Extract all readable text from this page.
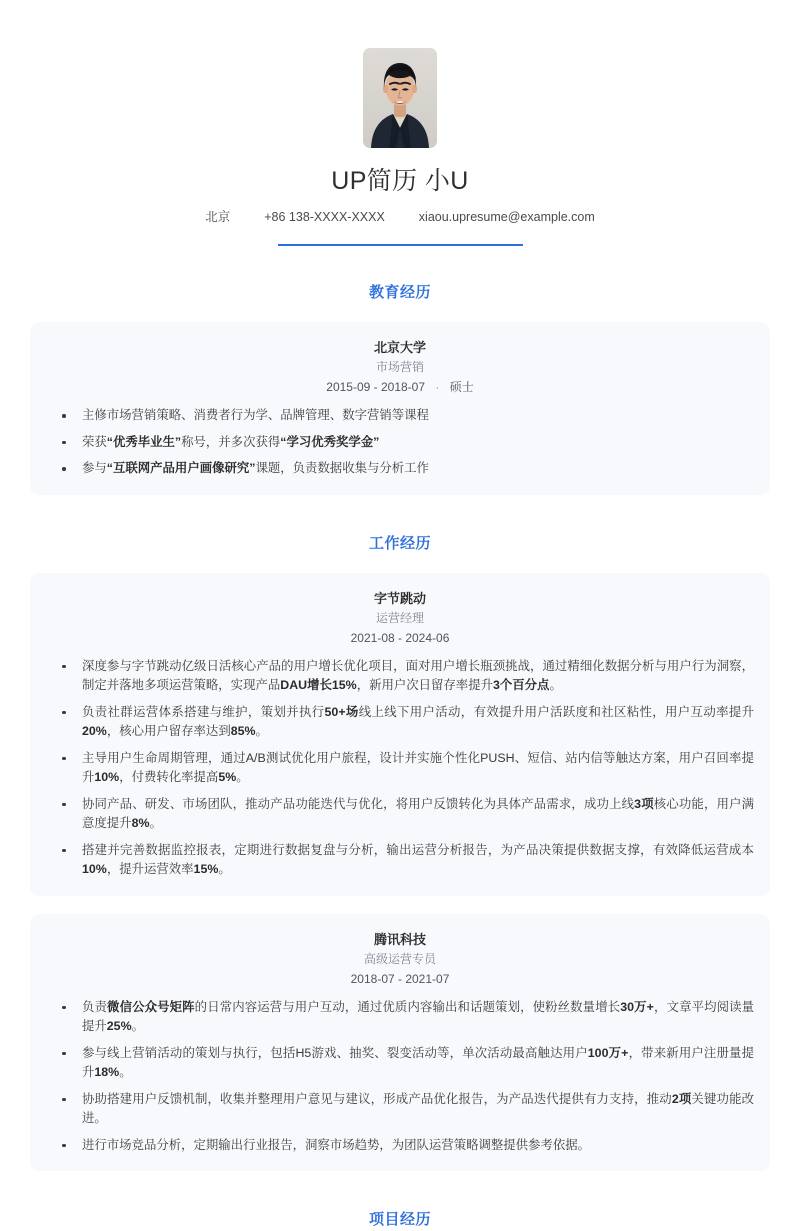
UP简历 小U
北京	+86 138-XXXX-XXXX	xiaou.upresume@example.com
教育经历
北京大学
市场营销
2015-09 - 2018-07 · 硕士
主修市场营销策略、消费者行为学、品牌管理、数字营销等课程
荣获“优秀毕业生”称号，并多次获得“学习优秀奖学金”
参与“互联网产品用户画像研究”课题，负责数据收集与分析工作
工作经历
字节跳动
运营经理
2021-08 - 2024-06
深度参与字节跳动亿级日活核心产品的用户增长优化项目，面对用户增长瓶颈挑战，通过精细化数据分析与用户行为洞察，制定并落地多项运营策略，实现产品DAU增长15%，新用户次日留存率提升3个百分点。
负责社群运营体系搭建与维护，策划并执行50+场线上线下用户活动，有效提升用户活跃度和社区粘性，用户互动率提升20%，核心用户留存率达到85%。
主导用户生命周期管理，通过A/B测试优化用户旅程，设计并实施个性化PUSH、短信、站内信等触达方案，用户召回率提升10%，付费转化率提高5%。
协同产品、研发、市场团队，推动产品功能迭代与优化，将用户反馈转化为具体产品需求，成功上线3项核心功能，用户满意度提升8%。
搭建并完善数据监控报表，定期进行数据复盘与分析，输出运营分析报告，为产品决策提供数据支撑，有效降低运营成本10%，提升运营效率15%。
腾讯科技
高级运营专员
2018-07 - 2021-07
负责微信公众号矩阵的日常内容运营与用户互动，通过优质内容输出和话题策划，使粉丝数量增长30万+，文章平均阅读量提升25%。
参与线上营销活动的策划与执行，包括H5游戏、抽奖、裂变活动等，单次活动最高触达用户100万+，带来新用户注册量提升18%。
协助搭建用户反馈机制，收集并整理用户意见与建议，形成产品优化报告，为产品迭代提供有力支持，推动2项关键功能改进。
进行市场竞品分析，定期输出行业报告，洞察市场趋势，为团队运营策略调整提供参考依据。
项目经历
